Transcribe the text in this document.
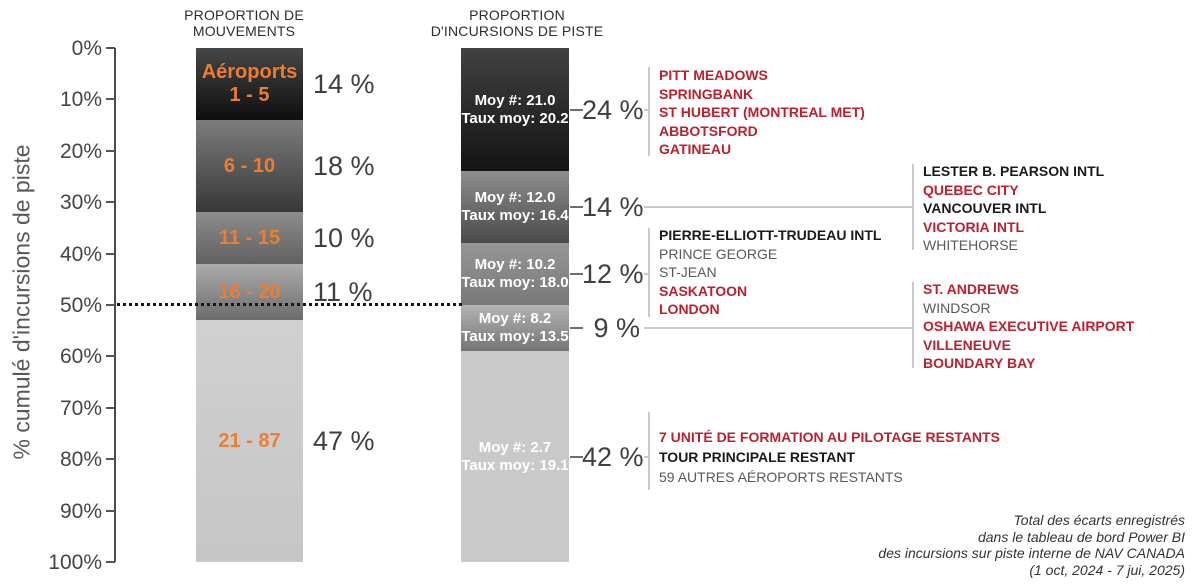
% cumulé d'incursions de piste
0%
10%
20%
30%
40%
50%
60%
70%
80%
90%
100%
PROPORTION DE
MOUVEMENTS
PROPORTION
D'INCURSIONS DE PISTE
Aéroports
1 - 5 14 %
6 - 10 18 %
11 - 15 10 %
16 - 20 11 %
21 - 87 47 %
Moy #: 21.0
Taux moy: 20.2 24 %
Moy #: 12.0
Taux moy: 16.4 14 %
Moy #: 10.2
Taux moy: 18.0 12 %
Moy #: 8.2
Taux moy: 13.5 9 %
Moy #: 2.7
Taux moy: 19.1 42 %
PITT MEADOWS
SPRINGBANK
ST HUBERT (MONTREAL MET)
ABBOTSFORD
GATINEAU
LESTER B. PEARSON INTL
QUEBEC CITY
VANCOUVER INTL
VICTORIA INTL
WHITEHORSE
PIERRE-ELLIOTT-TRUDEAU INTL
PRINCE GEORGE
ST-JEAN
SASKATOON
LONDON
ST. ANDREWS
WINDSOR
OSHAWA EXECUTIVE AIRPORT
VILLENEUVE
BOUNDARY BAY
7 UNITÉ DE FORMATION AU PILOTAGE RESTANTS
TOUR PRINCIPALE RESTANT
59 AUTRES AÉROPORTS RESTANTS
Total des écarts enregistrés
dans le tableau de bord Power BI
des incursions sur piste interne de NAV CANADA
(1 oct, 2024 - 7 jui, 2025)
